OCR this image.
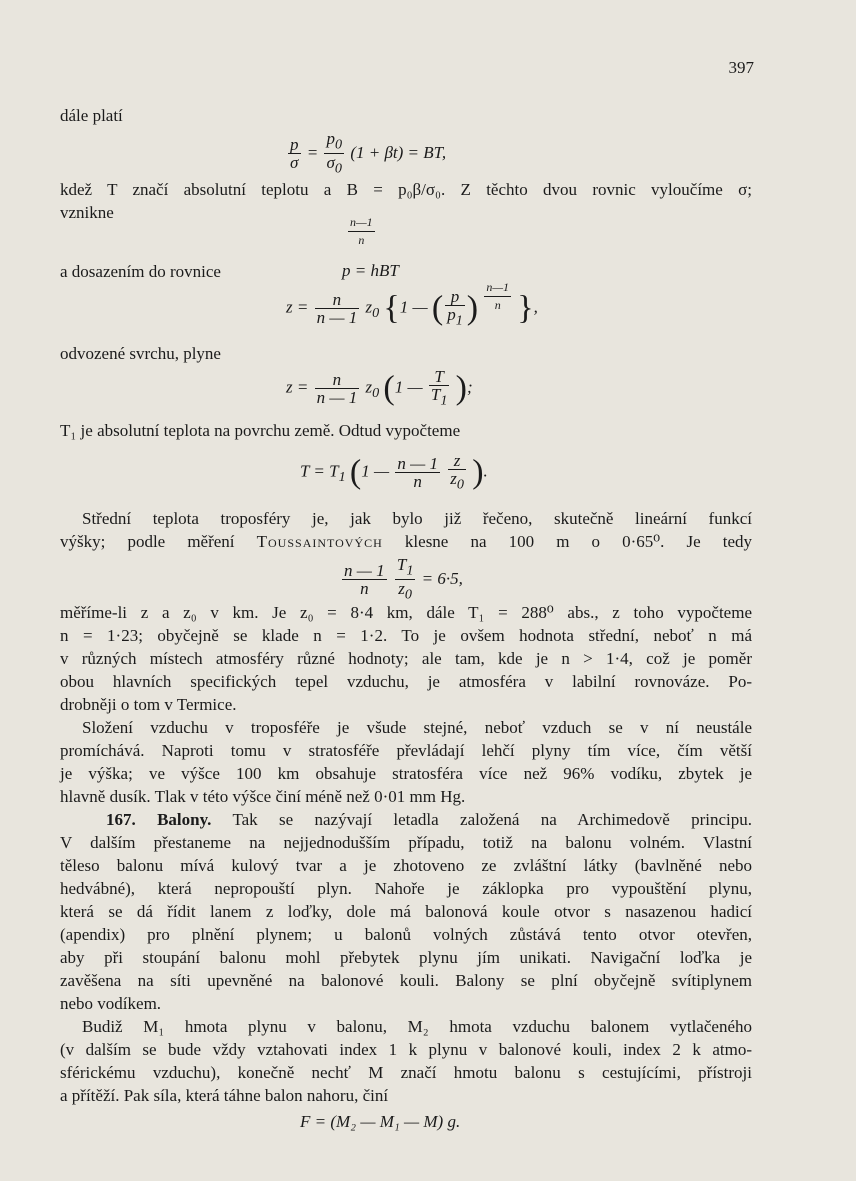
397
dále platí
$\frac{p}{\sigma} = \frac{p_0}{\sigma_0} (1 + \beta t)$ = BT,
kdež T značí absolutní teplotu a B = p₀β/σ₀. Z těchto dvou rovnic vyloučíme σ;
vznikne
$\frac{n—1}{n}$

p = hBT
a dosazením do rovnice
$z = \frac{n}{n — 1} z_0$ {1 — ( $\frac{p}{p_1}$ ) $\frac{n—1}{n}$ },
odvozené svrchu, plyne
$z = \frac{n}{n — 1} z_0$ (1 — $\frac{T}{T_1}$ );
T₁ je absolutní teplota na povrchu země. Odtud vypočteme
$T = T_1$ (1 — $\frac{n — 1}{n}$
$\frac{z}{z_0}$ ).
Střední teplota troposféry je, jak bylo již řečeno, skutečně lineární funkcí
výšky; podle měření Toussaintových klesne na 100 m o 0·65⁰. Je tedy
$\frac{n — 1}{n}$
$\frac{T_1}{z_0} = 6\cdot 5$,
měříme-li z a z₀ v km. Je z₀ = 8·4 km, dále T₁ = 288⁰ abs., z toho vypočteme
n = 1·23; obyčejně se klade n = 1·2. To je ovšem hodnota střední, neboť n má
v různých místech atmosféry různé hodnoty; ale tam, kde je n > 1·4, což je poměr
obou hlavních specifických tepel vzduchu, je atmosféra v labilní rovnováze. Po-
drobněji o tom v Termice.
Složení vzduchu v troposféře je všude stejné, neboť vzduch se v ní neustále
promíchává. Naproti tomu v stratosféře převládají lehčí plyny tím více, čím větší
je výška; ve výšce 100 km obsahuje stratosféra více než 96% vodíku, zbytek je
hlavně dusík. Tlak v této výšce činí méně než 0·01 mm Hg.
167. Balony. Tak se nazývají letadla založená na Archimedově principu.
V dalším přestaneme na nejjednodušším případu, totiž na balonu volném. Vlastní
těleso balonu mívá kulový tvar a je zhotoveno ze zvláštní látky (bavlněné nebo
hedvábné), která nepropouští plyn. Nahoře je záklopka pro vypouštění plynu,
která se dá řídit lanem z loďky, dole má balonová koule otvor s nasazenou hadicí
(apendix) pro plnění plynem; u balonů volných zůstává tento otvor otevřen,
aby při stoupání balonu mohl přebytek plynu jím unikati. Navigační loďka je
zavěšena na síti upevněné na balonové kouli. Balony se plní obyčejně svítiplynem
nebo vodíkem.
Budiž M₁ hmota plynu v balonu, M₂ hmota vzduchu balonem vytlačeného
(v dalším se bude vždy vztahovati index 1 k plynu v balonové kouli, index 2 k atmo-
sférickému vzduchu), konečně nechť M značí hmotu balonu s cestujícími, přístroji
a přítěží. Pak síla, která táhne balon nahoru, činí
F = (M₂ — M₁ — M) g.
